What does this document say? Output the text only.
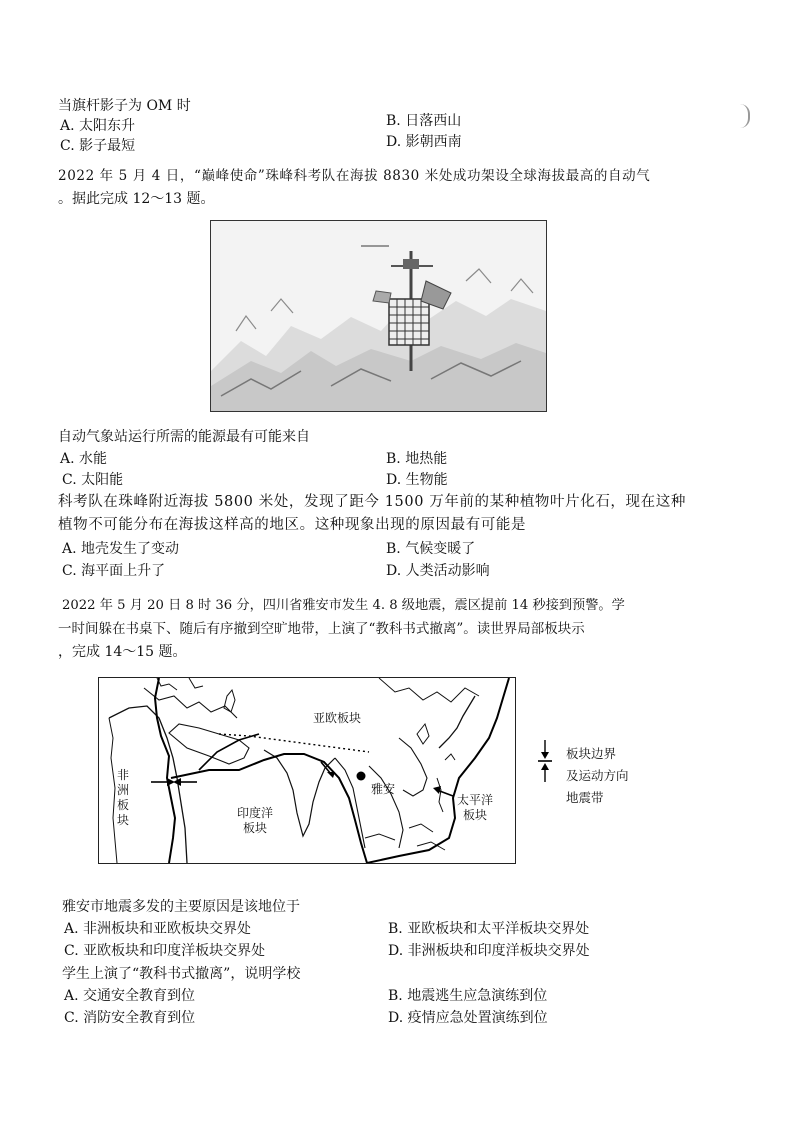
当旗杆影子为 OM 时
A. 太阳东升	B. 日落西山
C. 影子最短	D. 影朝西南
2022 年 5 月 4 日，“巅峰使命”珠峰科考队在海拔 8830 米处成功架设全球海拔最高的自动气
。据此完成 12～13 题。
自动气象站运行所需的能源最有可能来自
A. 水能	B. 地热能
C. 太阳能	D. 生物能
科考队在珠峰附近海拔 5800 米处，发现了距今 1500 万年前的某种植物叶片化石，现在这种
植物不可能分布在海拔这样高的地区。这种现象出现的原因最有可能是
A. 地壳发生了变动	B. 气候变暖了
C. 海平面上升了	D. 人类活动影响
2022 年 5 月 20 日 8 时 36 分，四川省雅安市发生 4. 8 级地震，震区提前 14 秒接到预警。学
一时间躲在书桌下、随后有序撤到空旷地带，上演了“教科书式撤离”。读世界局部板块示
，完成 14～15 题。
亚欧板块
非洲板块	印度洋板块
太平洋板块
雅安
板块边界
及运动方向
地震带
雅安市地震多发的主要原因是该地位于
A. 非洲板块和亚欧板块交界处	B. 亚欧板块和太平洋板块交界处
C. 亚欧板块和印度洋板块交界处	D. 非洲板块和印度洋板块交界处
学生上演了“教科书式撤离”，说明学校
A. 交通安全教育到位	B. 地震逃生应急演练到位
C. 消防安全教育到位	D. 疫情应急处置演练到位
